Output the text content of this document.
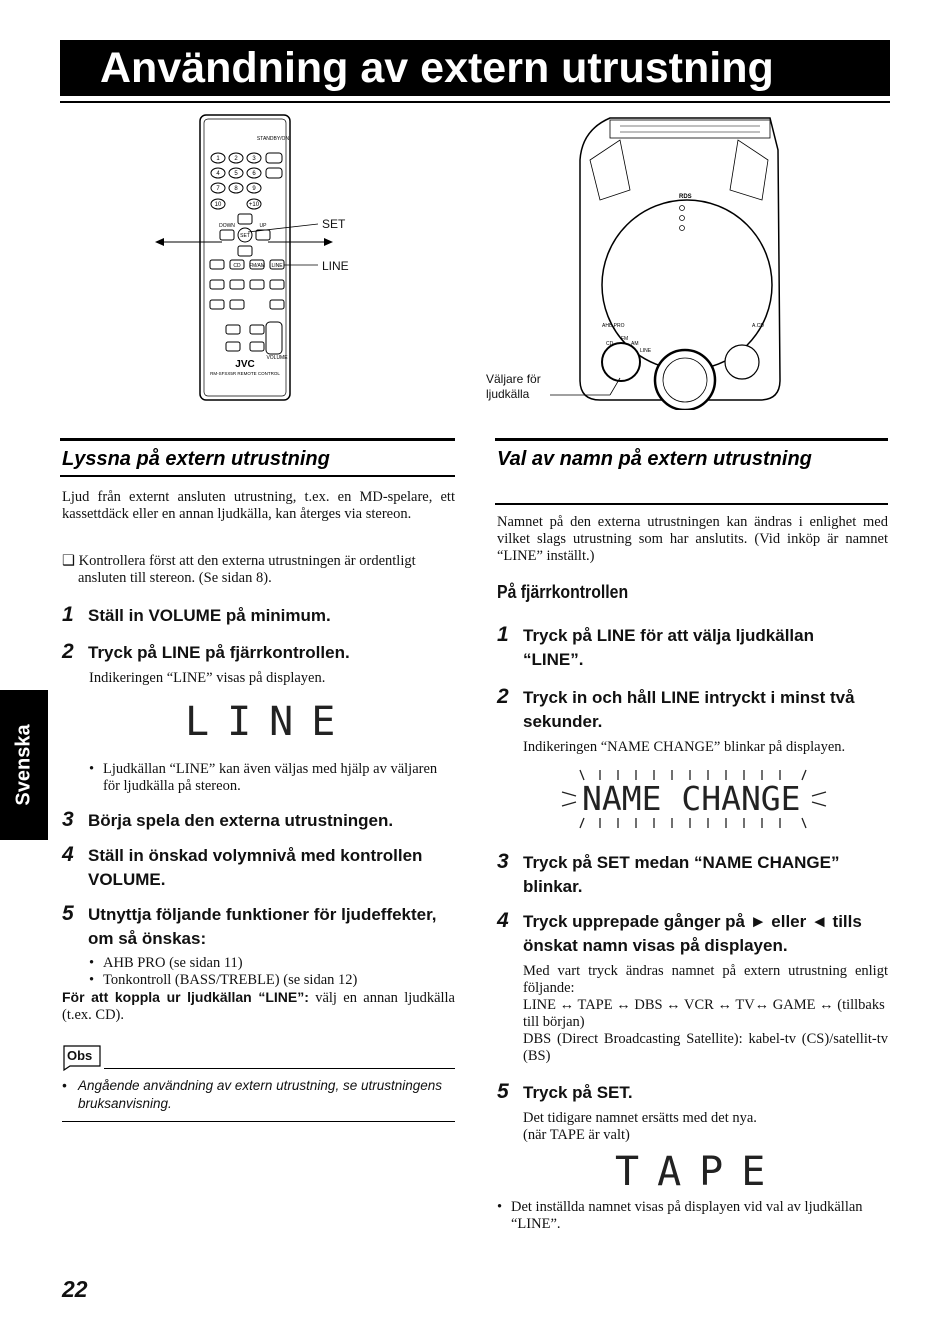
Användning av extern utrustning
Svenska
1 2 3
4 5 6
7 8 9
10	+10
DOWN	UP
SET
CD FM/AM LINE
VOLUME
STANDBY/ON
JVC
RM-SFSX5R REMOTE CONTROL
SET
LINE
RDS
AHB PRO	A.CD
CD
FM
AM
LINE
Väljare för
ljudkälla
Lyssna på extern utrustning
Ljud från externt ansluten utrustning, t.ex. en MD-spelare, ett kassettdäck eller en annan ljudkälla, kan återges via stereon.
❑ Kontrollera först att den externa utrustningen är ordentligt ansluten till stereon. (Se sidan 8).
1 Ställ in VOLUME på minimum.
2 Tryck på LINE på fjärrkontrollen.
Indikeringen “LINE” visas på displayen.
LINE
• Ljudkällan “LINE” kan även väljas med hjälp av väljaren för ljudkälla på stereon.
3 Börja spela den externa utrustningen.
4 Ställ in önskad volymnivå med kontrollen VOLUME.
5 Utnyttja följande funktioner för ljudeffekter, om så önskas:
• AHB PRO (se sidan 11)
• Tonkontroll (BASS/TREBLE) (se sidan 12)
För att koppla ur ljudkällan “LINE”: välj en annan ljudkälla (t.ex. CD).
Obs
• Angående användning av extern utrustning, se utrustningens bruksanvisning.
Val av namn på extern utrustning
Namnet på den externa utrustningen kan ändras i enlighet med vilket slags utrustning som har anslutits. (Vid inköp är namnet “LINE” inställt.)
På fjärrkontrollen
1 Tryck på LINE för att välja ljudkällan “LINE”.
2 Tryck in och håll LINE intryckt i minst två sekunder.
Indikeringen “NAME CHANGE” blinkar på displayen.
NAME CHANGE
3 Tryck på SET medan “NAME CHANGE” blinkar.
4 Tryck upprepade gånger på ► eller ◄ tills önskat namn visas på displayen.
Med vart tryck ändras namnet på extern utrustning enligt följande:
LINE ↔ TAPE ↔ DBS ↔ VCR ↔ TV↔ GAME ↔ (tillbaks till början)
DBS (Direct Broadcasting Satellite): kabel-tv (CS)/satellit-tv (BS)
5 Tryck på SET.
Det tidigare namnet ersätts med det nya.
(när TAPE är valt)
TAPE
• Det inställda namnet visas på displayen vid val av ljudkällan “LINE”.
22
